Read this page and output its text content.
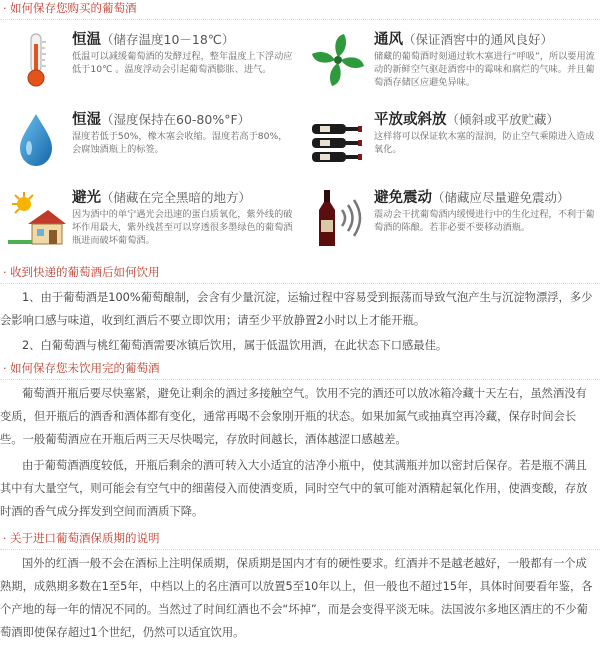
· 如何保存您购买的葡萄酒
恒温（储存温度10－18℃）
低温可以减缓葡萄酒的发酵过程，整年温度上下浮动应低于10℃ 。温度浮动会引起葡萄酒膨胀、进气。
通风（保证酒窖中的通风良好）
储藏的葡萄酒时刻通过软木塞进行“呼吸”，所以要用流动的新鲜空气驱赶酒窖中的霉味和腐烂的气味。并且葡萄酒存储区应避免异味。
恒湿（湿度保持在60-80%°F）
湿度若低于50%，橡木塞会收缩。湿度若高于80%，会腐蚀酒瓶上的标签。
平放或斜放（倾斜或平放贮藏）
这样将可以保证软木塞的湿润，防止空气乘隙进入造成氧化。
避光（储藏在完全黑暗的地方）
因为酒中的单宁遇光会迅速的蛋白质氧化，紫外线的破坏作用最大，紫外线甚至可以穿透很多墨绿色的葡萄酒瓶进而破坏葡萄酒。
避免震动（储藏应尽量避免震动）
震动会干扰葡萄酒内缓慢进行中的生化过程，不利于葡萄酒的陈酿。若非必要不要移动酒瓶。
· 收到快递的葡萄酒后如何饮用
1、由于葡萄酒是100%葡萄酿制，会含有少量沉淀，运输过程中容易受到振荡而导致气泡产生与沉淀物漂浮，多少会影响口感与味道，收到红酒后不要立即饮用；请至少平放静置2小时以上才能开瓶。
2、白葡萄酒与桃红葡萄酒需要冰镇后饮用，属于低温饮用酒，在此状态下口感最佳。
· 如何保存您未饮用完的葡萄酒
葡萄酒开瓶后要尽快塞紧，避免让剩余的酒过多接触空气。饮用不完的酒还可以放冰箱冷藏十天左右，虽然酒没有变质，但开瓶后的酒香和酒体都有变化，通常再喝不会象刚开瓶的状态。如果加氮气或抽真空再冷藏，保存时间会长些。一般葡萄酒应在开瓶后两三天尽快喝完，存放时间越长，酒体越涩口感越差。
由于葡萄酒酒度较低，开瓶后剩余的酒可转入大小适宜的洁净小瓶中，使其满瓶并加以密封后保存。若是瓶不满且其中有大量空气，则可能会有空气中的细菌侵入而使酒变质，同时空气中的氧可能对酒精起氧化作用，使酒变酸，存放时酒的香气成分挥发到空间而酒质下降。
· 关于进口葡萄酒保质期的说明
国外的红酒一般不会在酒标上注明保质期，保质期是国内才有的硬性要求。红酒并不是越老越好，一般都有一个成熟期，成熟期多数在1至5年，中档以上的名庄酒可以放置5至10年以上，但一般也不超过15年，具体时间要看年鉴，各个产地的每一年的情况不同的。当然过了时间红酒也不会“坏掉”，而是会变得平淡无味。法国波尔多地区酒庄的不少葡萄酒即使保存超过1个世纪，仍然可以适宜饮用。
